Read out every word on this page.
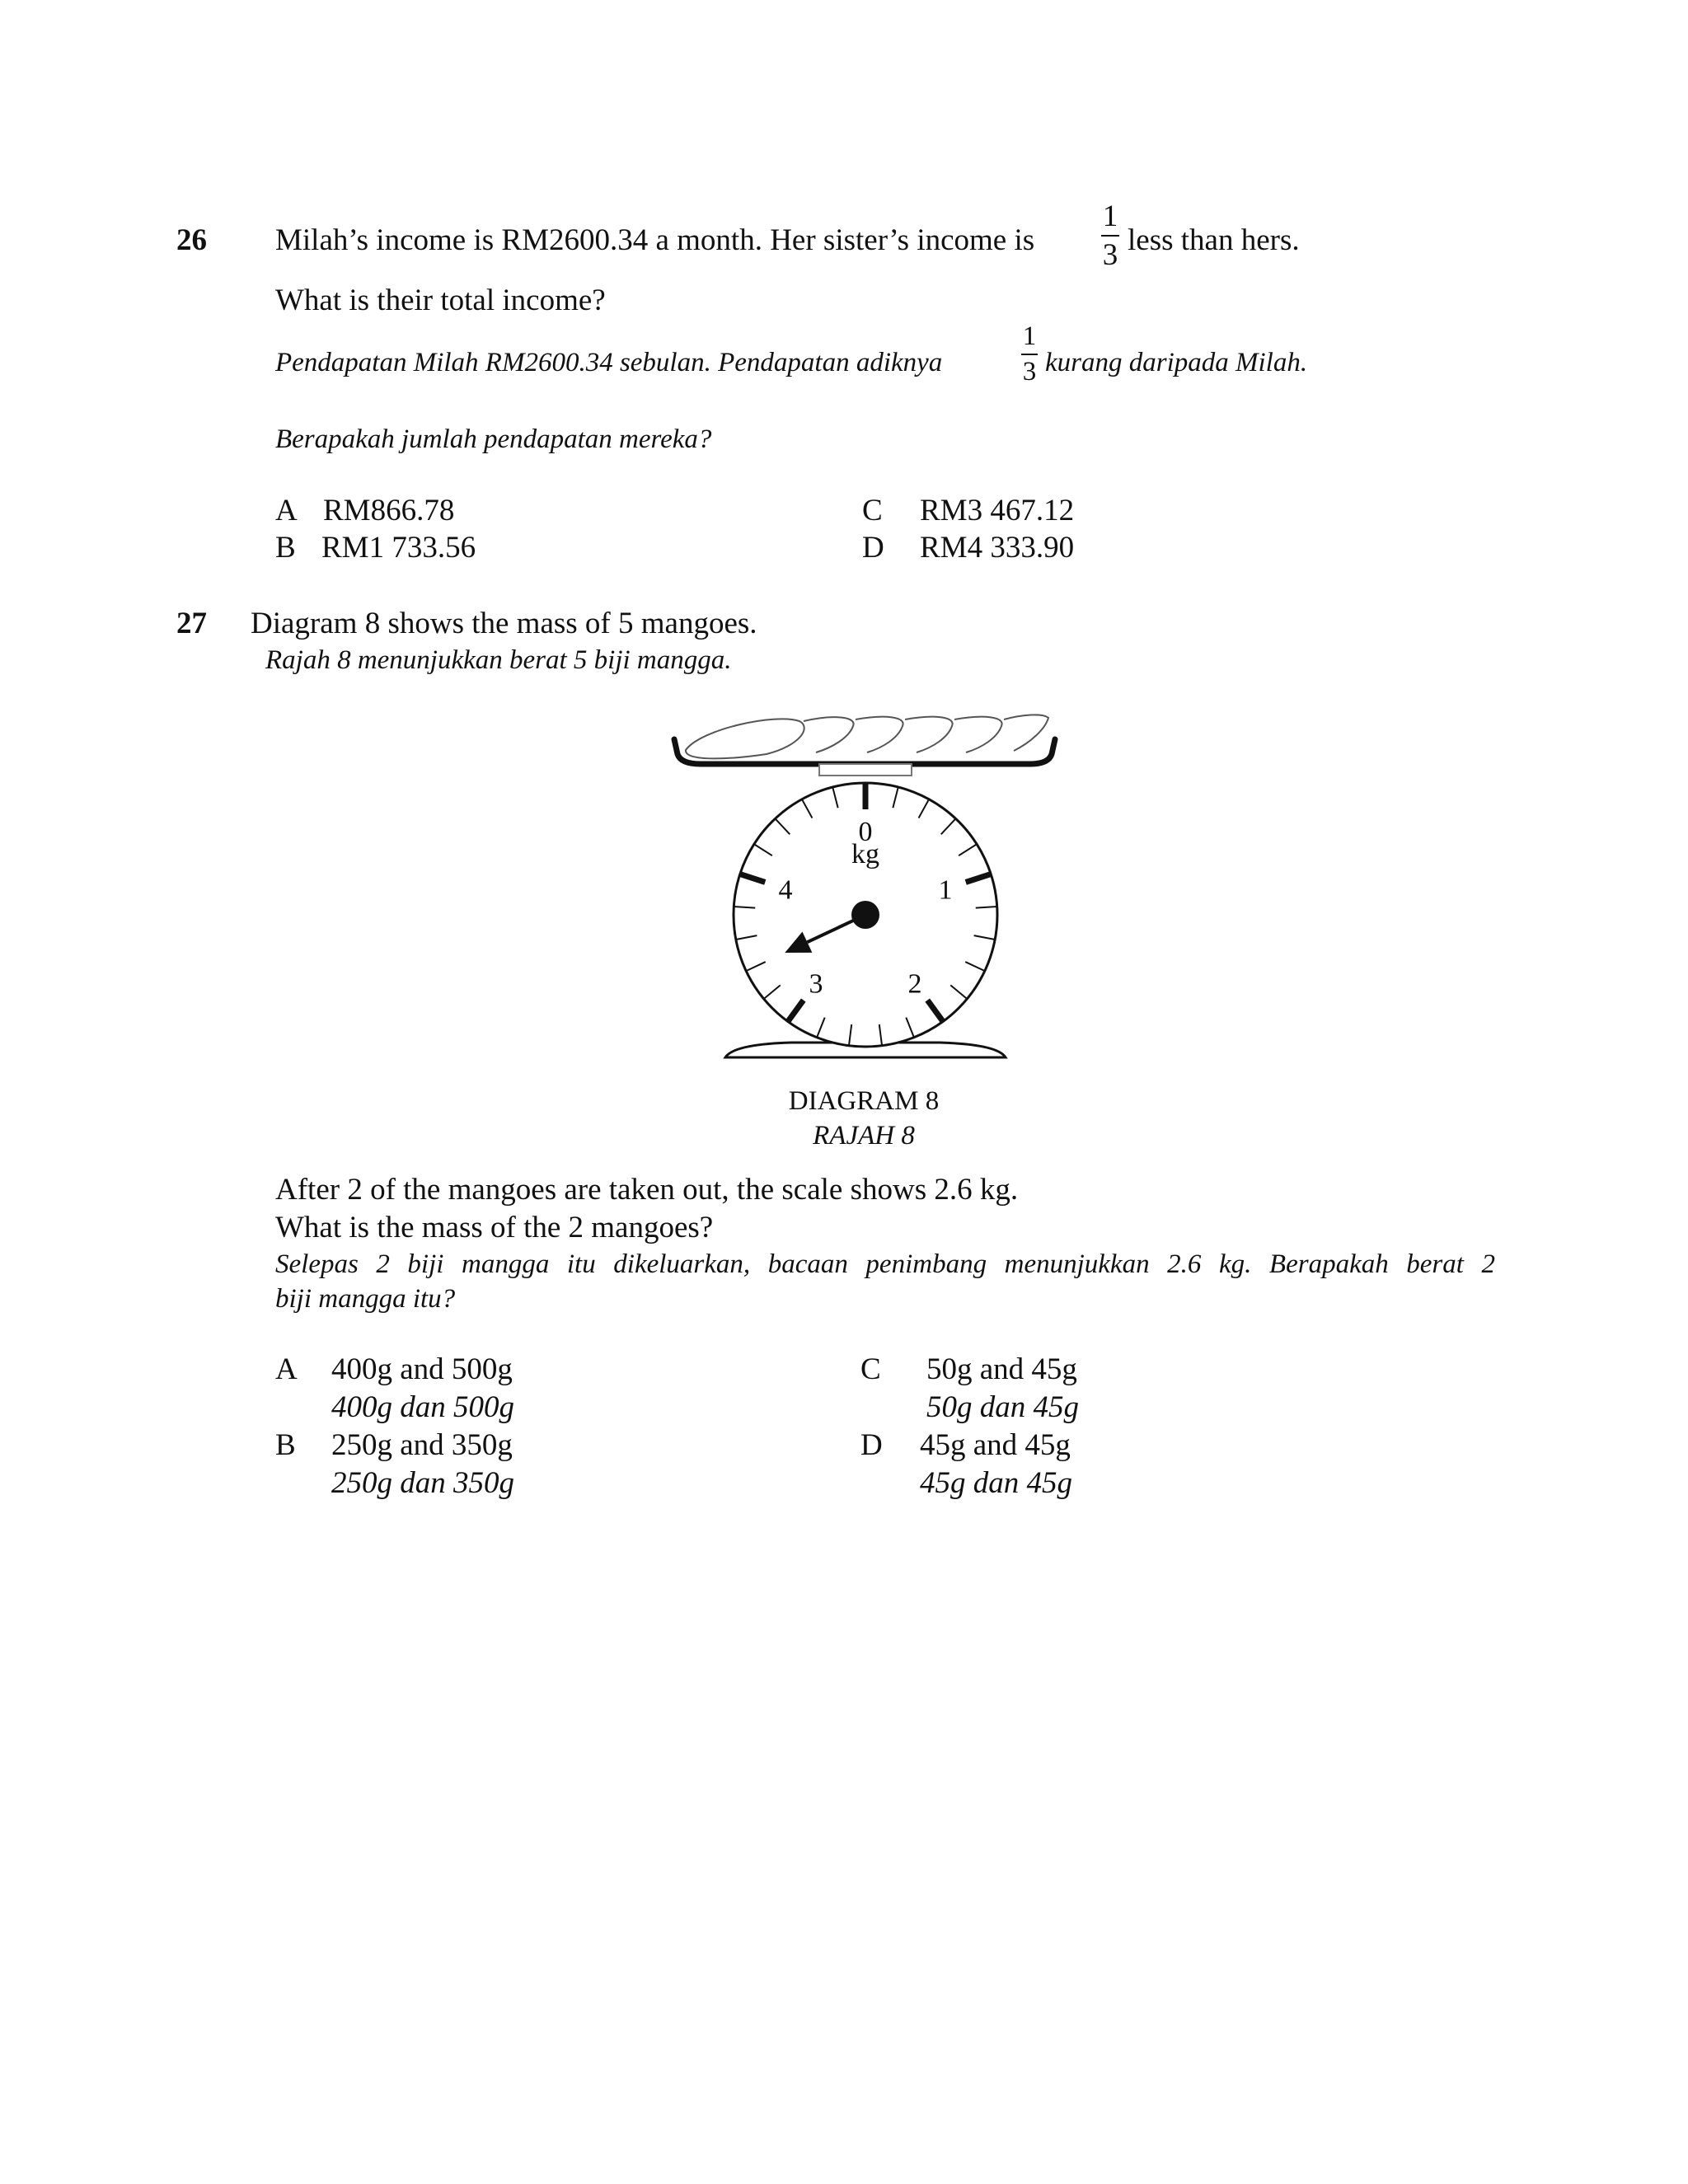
26 Milah’s income is RM2600.34 a month. Her sister’s income is
1
3 less than hers.
What is their total income?
Pendapatan Milah RM2600.34 sebulan. Pendapatan adiknya
1
3 kurang daripada Milah.
Berapakah jumlah pendapatan mereka?
A RM866.78
B RM1 733.56
C RM3 467.12
D RM4 333.90
27 Diagram 8 shows the mass of 5 mangoes.
Rajah 8 menunjukkan berat 5 biji mangga.
kg
0
1
2
3
4
DIAGRAM 8
RAJAH 8
After 2 of the mangoes are taken out, the scale shows 2.6 kg.
What is the mass of the 2 mangoes?
Selepas 2 biji mangga itu dikeluarkan, bacaan penimbang menunjukkan 2.6 kg. Berapakah berat 2
biji mangga itu?
A 400g and 500g
400g dan 500g
B 250g and 350g
250g dan 350g
C 50g and 45g
50g dan 45g
D 45g and 45g
45g dan 45g
